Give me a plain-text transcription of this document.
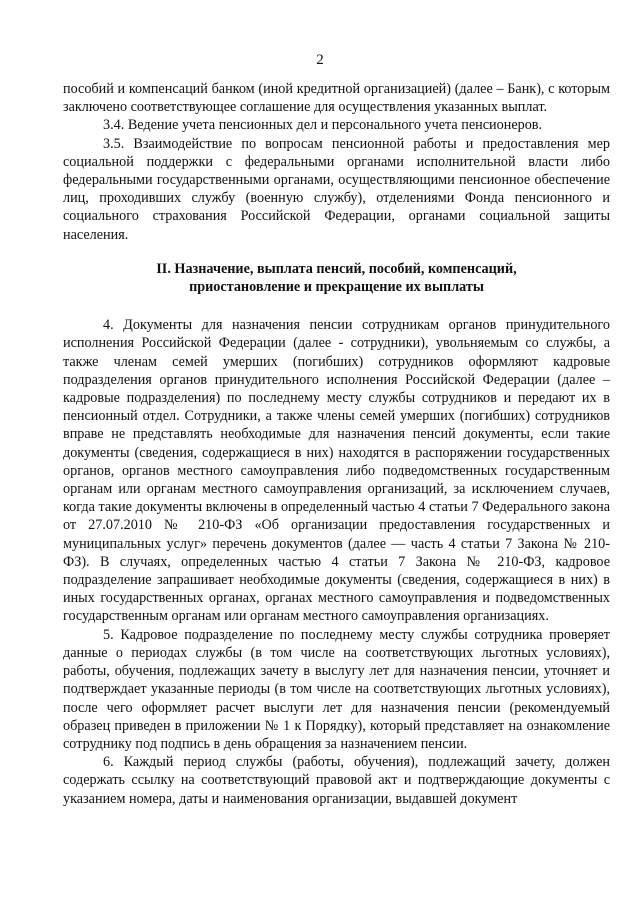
2

пособий и компенсаций банком (иной кредитной организацией) (далее – Банк), с которым заключено соответствующее соглашение для осуществления указанных выплат.

3.4. Ведение учета пенсионных дел и персонального учета пенсионеров.

3.5. Взаимодействие по вопросам пенсионной работы и предоставления мер социальной поддержки с федеральными органами исполнительной власти либо федеральными государственными органами, осуществляющими пенсионное обеспечение лиц, проходивших службу (военную службу), отделениями Фонда пенсионного и социального страхования Российской Федерации, органами социальной защиты населения.

II. Назначение, выплата пенсий, пособий, компенсаций,
приостановление и прекращение их выплаты

4. Документы для назначения пенсии сотрудникам органов принудительного исполнения Российской Федерации (далее - сотрудники), увольняемым со службы, а также членам семей умерших (погибших) сотрудников оформляют кадровые подразделения органов принудительного исполнения Российской Федерации (далее – кадровые подразделения) по последнему месту службы сотрудников и передают их в пенсионный отдел. Сотрудники, а также члены семей умерших (погибших) сотрудников вправе не представлять необходимые для назначения пенсий документы, если такие документы (сведения, содержащиеся в них) находятся в распоряжении государственных органов, органов местного самоуправления либо подведомственных государственным органам или органам местного самоуправления организаций, за исключением случаев, когда такие документы включены в определенный частью 4 статьи 7 Федерального закона от 27.07.2010 № 210-ФЗ «Об организации предоставления государственных и муниципальных услуг» перечень документов (далее — часть 4 статьи 7 Закона № 210-ФЗ). В случаях, определенных частью 4 статьи 7 Закона № 210-ФЗ, кадровое подразделение запрашивает необходимые документы (сведения, содержащиеся в них) в иных государственных органах, органах местного самоуправления и подведомственных государственным органам или органам местного самоуправления организациях.

5. Кадровое подразделение по последнему месту службы сотрудника проверяет данные о периодах службы (в том числе на соответствующих льготных условиях), работы, обучения, подлежащих зачету в выслугу лет для назначения пенсии, уточняет и подтверждает указанные периоды (в том числе на соответствующих льготных условиях), после чего оформляет расчет выслуги лет для назначения пенсии (рекомендуемый образец приведен в приложении № 1 к Порядку), который представляет на ознакомление сотруднику под подпись в день обращения за назначением пенсии.

6. Каждый период службы (работы, обучения), подлежащий зачету, должен содержать ссылку на соответствующий правовой акт и подтверждающие документы с указанием номера, даты и наименования организации, выдавшей документ
